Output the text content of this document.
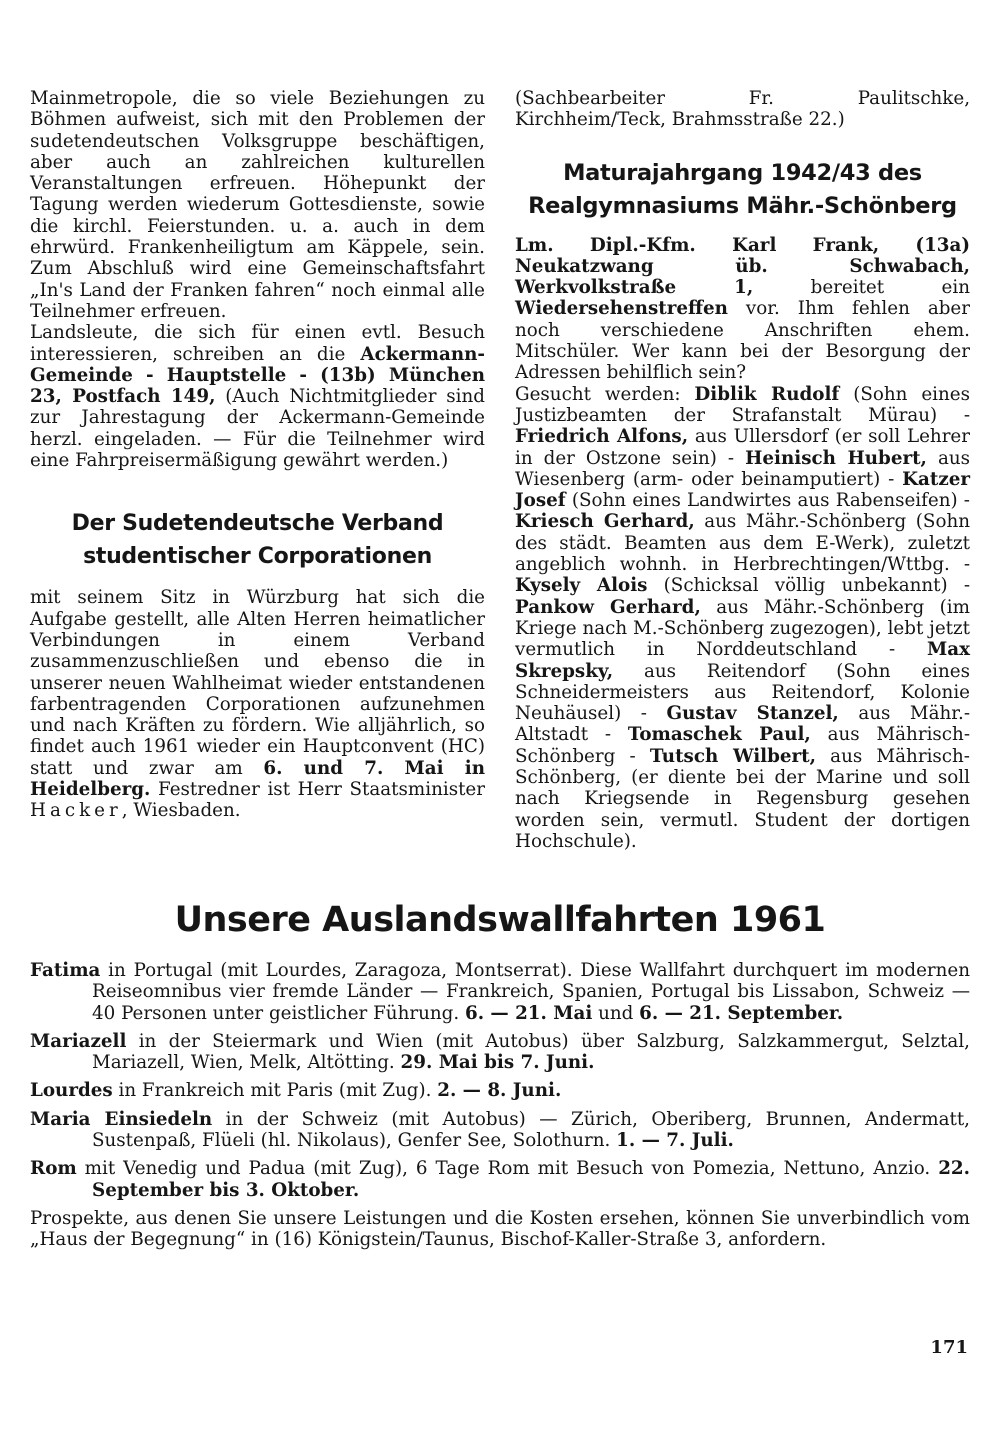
Mainmetropole, die so viele Beziehungen zu Böhmen aufweist, sich mit den Problemen der sudetendeutschen Volksgruppe beschäftigen, aber auch an zahlreichen kulturellen Veranstaltungen erfreuen. Höhepunkt der Tagung werden wiederum Gottesdienste, sowie die kirchl. Feierstunden. u. a. auch in dem ehrwürd. Frankenheiligtum am Käppele, sein. Zum Abschluß wird eine Gemeinschaftsfahrt „In's Land der Franken fahren“ noch einmal alle Teilnehmer erfreuen.

Landsleute, die sich für einen evtl. Besuch interessieren, schreiben an die Ackermann-Gemeinde - Hauptstelle - (13b) München 23, Postfach 149, (Auch Nichtmitglieder sind zur Jahrestagung der Ackermann-Gemeinde herzl. eingeladen. — Für die Teilnehmer wird eine Fahrpreisermäßigung gewährt werden.)

Der Sudetendeutsche Verband
studentischer Corporationen

mit seinem Sitz in Würzburg hat sich die Aufgabe gestellt, alle Alten Herren heimatlicher Verbindungen in einem Verband zusammenzuschließen und ebenso die in unserer neuen Wahlheimat wieder entstandenen farbentragenden Corporationen aufzunehmen und nach Kräften zu fördern. Wie alljährlich, so findet auch 1961 wieder ein Hauptconvent (HC) statt und zwar am 6. und 7. Mai in Heidelberg. Festredner ist Herr Staatsminister Hacker, Wiesbaden.

(Sachbearbeiter Fr. Paulitschke, Kirchheim/Teck, Brahmsstraße 22.)

Maturajahrgang 1942/43 des
Realgymnasiums Mähr.-Schönberg

Lm. Dipl.-Kfm. Karl Frank, (13a) Neukatzwang üb. Schwabach, Werkvolkstraße 1, bereitet ein Wiedersehenstreffen vor. Ihm fehlen aber noch verschiedene Anschriften ehem. Mitschüler. Wer kann bei der Besorgung der Adressen behilflich sein?

Gesucht werden: Diblik Rudolf (Sohn eines Justizbeamten der Strafanstalt Mürau) - Friedrich Alfons, aus Ullersdorf (er soll Lehrer in der Ostzone sein) - Heinisch Hubert, aus Wiesenberg (arm- oder beinamputiert) - Katzer Josef (Sohn eines Landwirtes aus Rabenseifen) - Kriesch Gerhard, aus Mähr.-Schönberg (Sohn des städt. Beamten aus dem E-Werk), zuletzt angeblich wohnh. in Herbrechtingen/Wttbg. - Kysely Alois (Schicksal völlig unbekannt) - Pankow Gerhard, aus Mähr.-Schönberg (im Kriege nach M.-Schönberg zugezogen), lebt jetzt vermutlich in Norddeutschland - Max Skrepsky, aus Reitendorf (Sohn eines Schneidermeisters aus Reitendorf, Kolonie Neuhäusel) - Gustav Stanzel, aus Mähr.-Altstadt - Tomaschek Paul, aus Mährisch-Schönberg - Tutsch Wilbert, aus Mährisch-Schönberg, (er diente bei der Marine und soll nach Kriegsende in Regensburg gesehen worden sein, vermutl. Student der dortigen Hochschule).

Unsere Auslandswallfahrten 1961

Fatima in Portugal (mit Lourdes, Zaragoza, Montserrat). Diese Wallfahrt durchquert im modernen Reiseomnibus vier fremde Länder — Frankreich, Spanien, Portugal bis Lissabon, Schweiz — 40 Personen unter geistlicher Führung. 6. — 21. Mai und 6. — 21. September.

Mariazell in der Steiermark und Wien (mit Autobus) über Salzburg, Salzkammergut, Selztal, Mariazell, Wien, Melk, Altötting. 29. Mai bis 7. Juni.

Lourdes in Frankreich mit Paris (mit Zug). 2. — 8. Juni.

Maria Einsiedeln in der Schweiz (mit Autobus) — Zürich, Oberiberg, Brunnen, Andermatt, Sustenpaß, Flüeli (hl. Nikolaus), Genfer See, Solothurn. 1. — 7. Juli.

Rom mit Venedig und Padua (mit Zug), 6 Tage Rom mit Besuch von Pomezia, Nettuno, Anzio. 22. September bis 3. Oktober.

Prospekte, aus denen Sie unsere Leistungen und die Kosten ersehen, können Sie unverbindlich vom „Haus der Begegnung“ in (16) Königstein/Taunus, Bischof-Kaller-Straße 3, anfordern.

171
